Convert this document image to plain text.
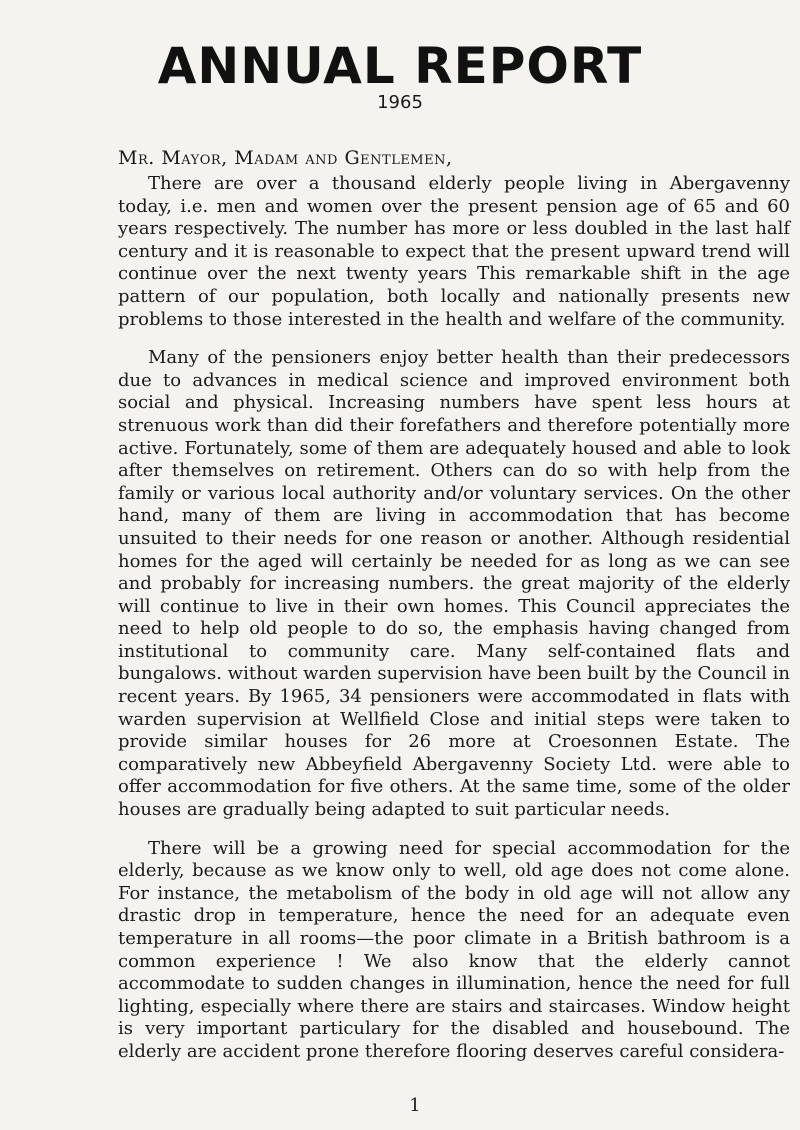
ANNUAL REPORT
1965
Mr. Mayor, Madam and Gentlemen,

There are over a thousand elderly people living in Abergavenny today, i.e. men and women over the present pension age of 65 and 60 years respectively. The number has more or less doubled in the last half century and it is reasonable to expect that the present upward trend will continue over the next twenty years This remarkable shift in the age pattern of our population, both locally and nationally presents new problems to those interested in the health and welfare of the community.

Many of the pensioners enjoy better health than their predecessors due to advances in medical science and improved environment both social and physical. Increasing numbers have spent less hours at strenuous work than did their forefathers and therefore potentially more active. Fortunately, some of them are adequately housed and able to look after themselves on retirement. Others can do so with help from the family or various local authority and/or voluntary services. On the other hand, many of them are living in accommodation that has become unsuited to their needs for one reason or another. Although residential homes for the aged will certainly be needed for as long as we can see and probably for increasing numbers. the great majority of the elderly will continue to live in their own homes. This Council appreciates the need to help old people to do so, the emphasis having changed from institutional to community care. Many self-contained flats and bungalows. without warden supervision have been built by the Council in recent years. By 1965, 34 pensioners were accommodated in flats with warden supervision at Wellfield Close and initial steps were taken to provide similar houses for 26 more at Croesonnen Estate. The comparatively new Abbeyfield Abergavenny Society Ltd. were able to offer accommodation for five others. At the same time, some of the older houses are gradually being adapted to suit particular needs.

There will be a growing need for special accommodation for the elderly, because as we know only to well, old age does not come alone. For instance, the metabolism of the body in old age will not allow any drastic drop in temperature, hence the need for an adequate even temperature in all rooms—the poor climate in a British bathroom is a common experience ! We also know that the elderly cannot accommodate to sudden changes in illumination, hence the need for full lighting, especially where there are stairs and staircases. Window height is very important particulary for the disabled and housebound. The elderly are accident prone therefore flooring deserves careful considera-

1
